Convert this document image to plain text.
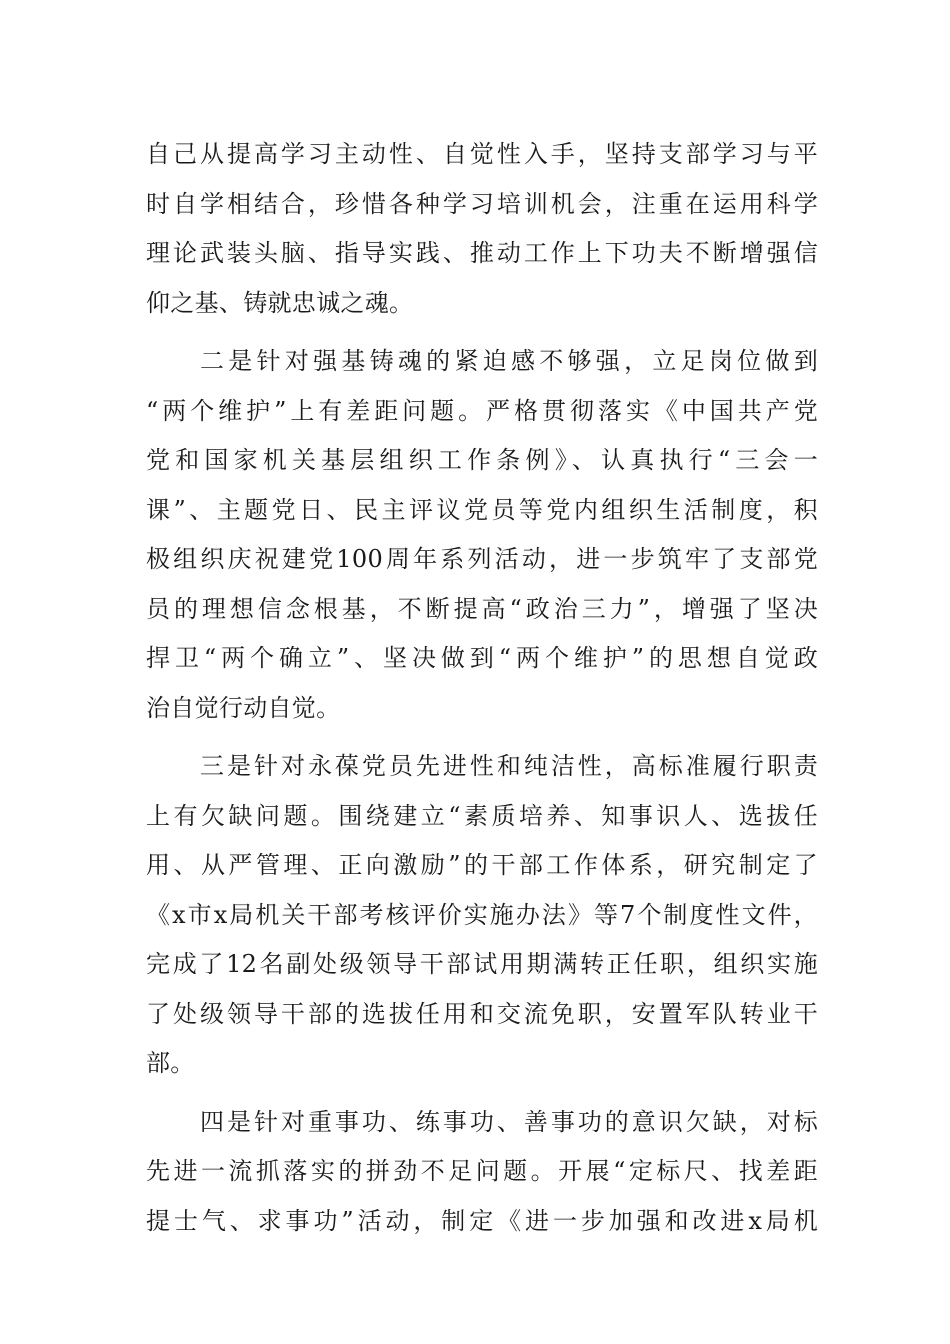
自己从提高学习主动性、自觉性入手，坚持支部学习与平
时自学相结合，珍惜各种学习培训机会，注重在运用科学
理论武装头脑、指导实践、推动工作上下功夫不断增强信
仰之基、铸就忠诚之魂。
二是针对强基铸魂的紧迫感不够强，立足岗位做到
“两个维护”上有差距问题。严格贯彻落实《中国共产党
党和国家机关基层组织工作条例》、认真执行“三会一
课”、主题党日、民主评议党员等党内组织生活制度，积
极组织庆祝建党100周年系列活动，进一步筑牢了支部党
员的理想信念根基，不断提高“政治三力”，增强了坚决
捍卫“两个确立”、坚决做到“两个维护”的思想自觉政
治自觉行动自觉。
三是针对永葆党员先进性和纯洁性，高标准履行职责
上有欠缺问题。围绕建立“素质培养、知事识人、选拔任
用、从严管理、正向激励”的干部工作体系，研究制定了
《x市x局机关干部考核评价实施办法》等7个制度性文件，
完成了12名副处级领导干部试用期满转正任职，组织实施
了处级领导干部的选拔任用和交流免职，安置军队转业干
部。
四是针对重事功、练事功、善事功的意识欠缺，对标
先进一流抓落实的拼劲不足问题。开展“定标尺、找差距
提士气、求事功”活动，制定《进一步加强和改进x局机
